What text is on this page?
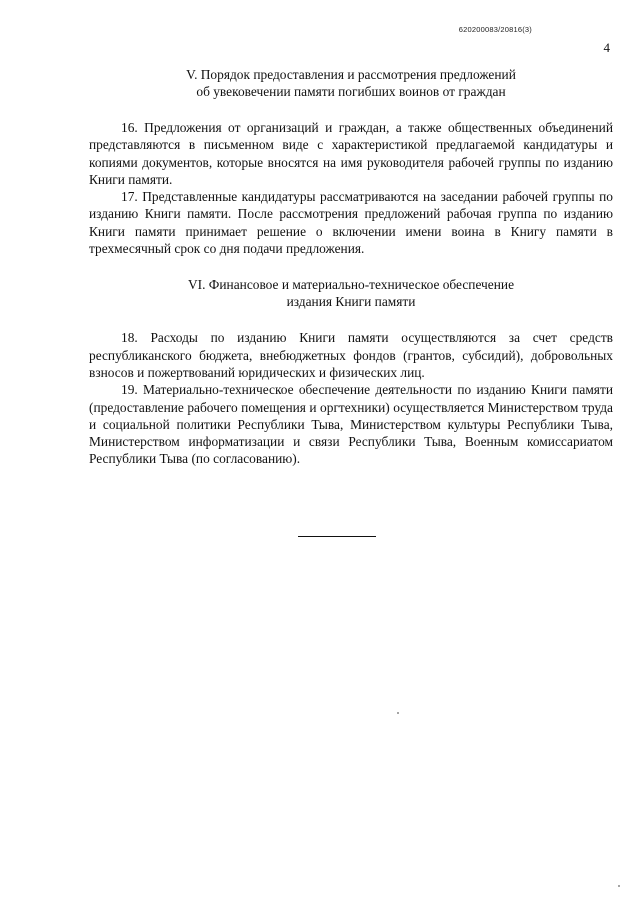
620200083/20816(3)
4
V. Порядок предоставления и рассмотрения предложений
об увековечении памяти погибших воинов от граждан

16. Предложения от организаций и граждан, а также общественных объединений представляются в письменном виде с характеристикой предлагаемой кандидатуры и копиями документов, которые вносятся на имя руководителя рабочей группы по изданию Книги памяти.

17. Представленные кандидатуры рассматриваются на заседании рабочей группы по изданию Книги памяти. После рассмотрения предложений рабочая группа по изданию Книги памяти принимает решение о включении имени воина в Книгу памяти в трехмесячный срок со дня подачи предложения.

VI. Финансовое и материально-техническое обеспечение
издания Книги памяти

18. Расходы по изданию Книги памяти осуществляются за счет средств республиканского бюджета, внебюджетных фондов (грантов, субсидий), добровольных взносов и пожертвований юридических и физических лиц.

19. Материально-техническое обеспечение деятельности по изданию Книги памяти (предоставление рабочего помещения и оргтехники) осуществляется Министерством труда и социальной политики Республики Тыва, Министерством культуры Республики Тыва, Министерством информатизации и связи Республики Тыва, Военным комиссариатом Республики Тыва (по согласованию).
